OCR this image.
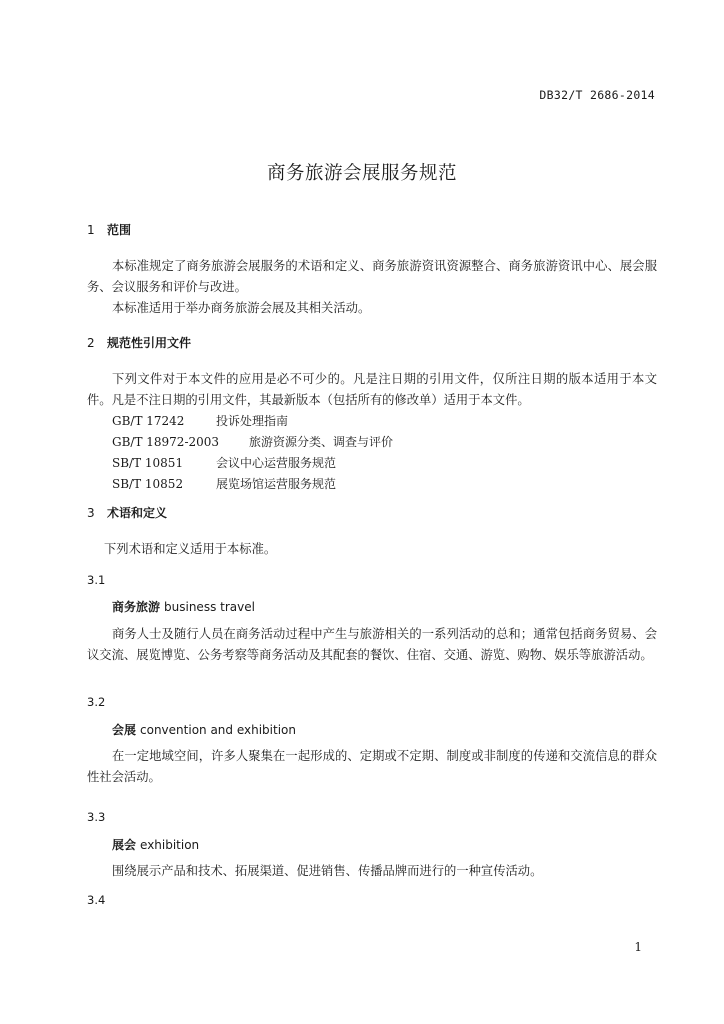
DB32/T 2686-2014
商务旅游会展服务规范
1 范围

本标准规定了商务旅游会展服务的术语和定义、商务旅游资讯资源整合、商务旅游资讯中心、展会服务、会议服务和评价与改进。

本标准适用于举办商务旅游会展及其相关活动。

2 规范性引用文件

下列文件对于本文件的应用是必不可少的。凡是注日期的引用文件，仅所注日期的版本适用于本文件。凡是不注日期的引用文件，其最新版本（包括所有的修改单）适用于本文件。

GB/T 17242	投诉处理指南
GB/T 18972-2003 旅游资源分类、调查与评价
SB/T 10851	会议中心运营服务规范
SB/T 10852	展览场馆运营服务规范
3 术语和定义

下列术语和定义适用于本标准。

3.1
商务旅游 business travel

商务人士及随行人员在商务活动过程中产生与旅游相关的一系列活动的总和；通常包括商务贸易、会议交流、展览博览、公务考察等商务活动及其配套的餐饮、住宿、交通、游览、购物、娱乐等旅游活动。

3.2
会展 convention and exhibition

在一定地域空间，许多人聚集在一起形成的、定期或不定期、制度或非制度的传递和交流信息的群众性社会活动。

3.3
展会 exhibition

围绕展示产品和技术、拓展渠道、促进销售、传播品牌而进行的一种宣传活动。

3.4
1
